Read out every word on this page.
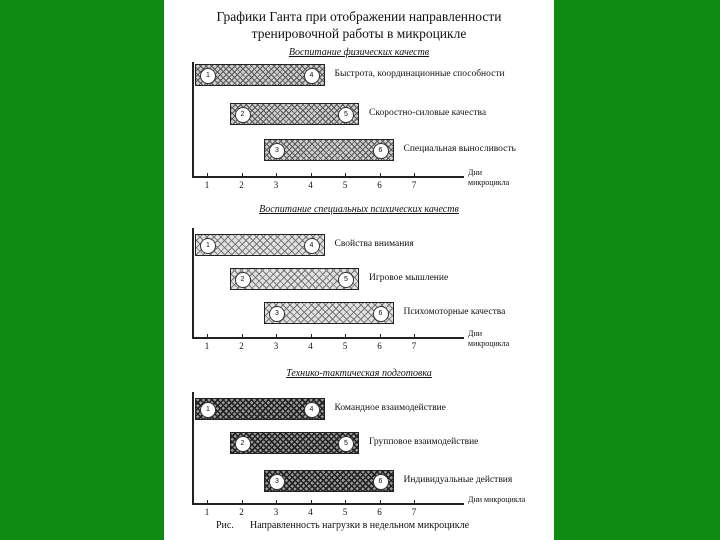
Графики Ганта при отображении направленности
тренировочной работы в микроцикле
Воспитание физических качеств
1	2	3	4	5	6	7
Дни
микроцикла
1	4	Быстрота, координационные способности
2	5	Скоростно-силовые качества
3	6	Специальная выносливость
Воспитание специальных психических качеств
1	2	3	4	5	6	7
Дни
микроцикла
1	4	Свойства внимания
2	5	Игровое мышление
3	6	Психомоторные качества
Технико-тактическая подготовка
1	2	3	4	5	6	7
Дни микроцикла
1	4	Командное взаимодействие
2	5	Групповое взаимодействие
3	6	Индивидуальные действия
Рис. Направленность нагрузки в недельном микроцикле
